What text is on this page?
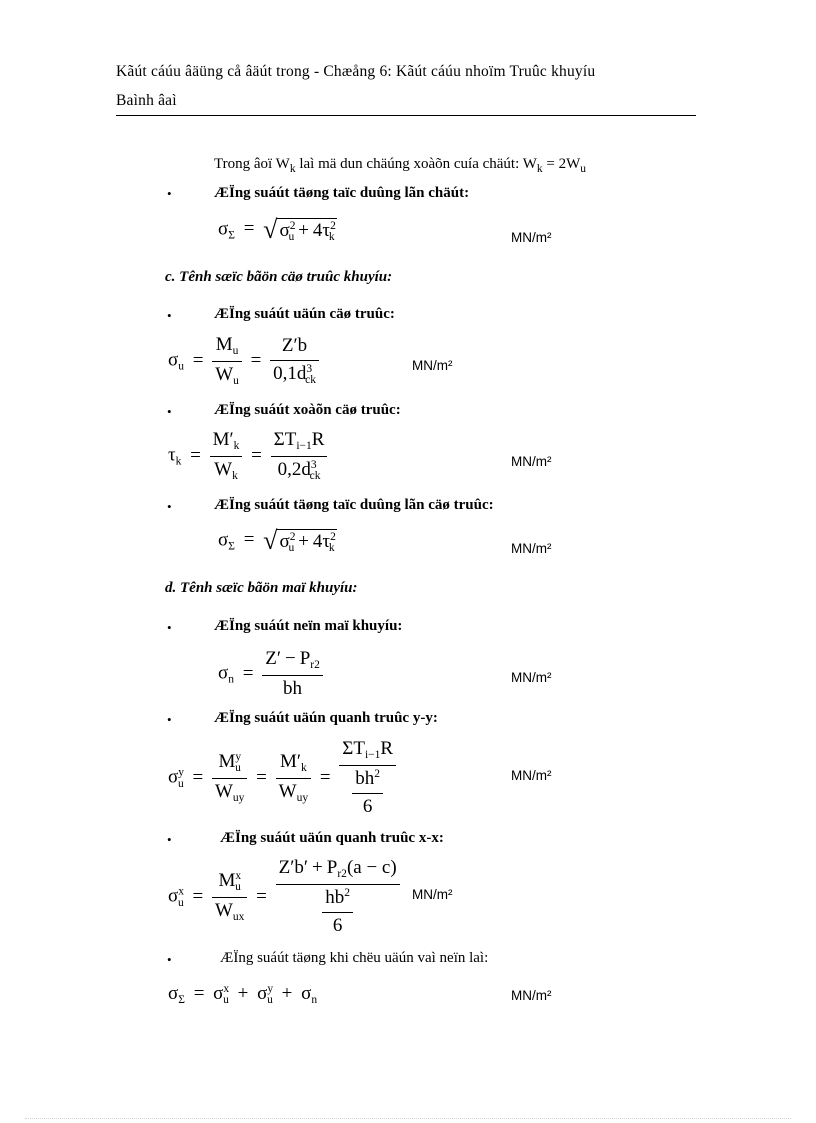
Kãút cáúu âäüng cå âäút trong - Chæång 6: Kãút cáúu nhoïm Truûc khuyíu
Baình âaì
Trong âoï $W_k$ laì mä dun chäúng xoàõn cuía chäút: $W_k = 2W_u$
•	ÆÏng suáút täøng taïc duûng lãn chäút:
$\sigma_\Sigma$ = √ $\sigma^2_u + 4\tau^2_k$	MN/m²
c. Tênh sæïc bãön cäø truûc khuyíu:
•	ÆÏng suáút uäún cäø truûc:
$\sigma_u = \frac{M_u}{W_u} = \frac{Z'b}{0,1d^3_{ck}}$	MN/m²
•	ÆÏng suáút xoàõn cäø truûc:
$\tau_k = \frac{M'_k}{W_k} = \frac{\Sigma T_{i-1}R}{0,2d^3_{ck}}$	MN/m²
•	ÆÏng suáút täøng taïc duûng lãn cäø truûc:
$\sigma_\Sigma$ = √ $\sigma^2_u + 4\tau^2_k$	MN/m²
d. Tênh sæïc bãön maï khuyíu:
•	ÆÏng suáút neïn maï khuyíu:
$\sigma_n = \frac{Z' - P_{r2}}{bh}$	MN/m²
•	ÆÏng suáút uäún quanh truûc y-y:
$\sigma^y_u = \frac{M^y_u}{W_{uy}} = \frac{M'_k}{W_{uy}} = \frac{\Sigma T_{i-1}R}{\frac{bh^2}{6}}$	MN/m²
•	ÆÏng suáút uäún quanh truûc x-x:
$\sigma^x_u = \frac{M^x_u}{W_{ux}} = \frac{Z'b' + P_{r2}(a - c)}{\frac{hb^2}{6}} MN/m^2$
•	ÆÏng suáút täøng khi chëu uäún vaì neïn laì:
$\sigma_\Sigma = \sigma^x_u + \sigma^y_u + \sigma_n$	MN/m²
